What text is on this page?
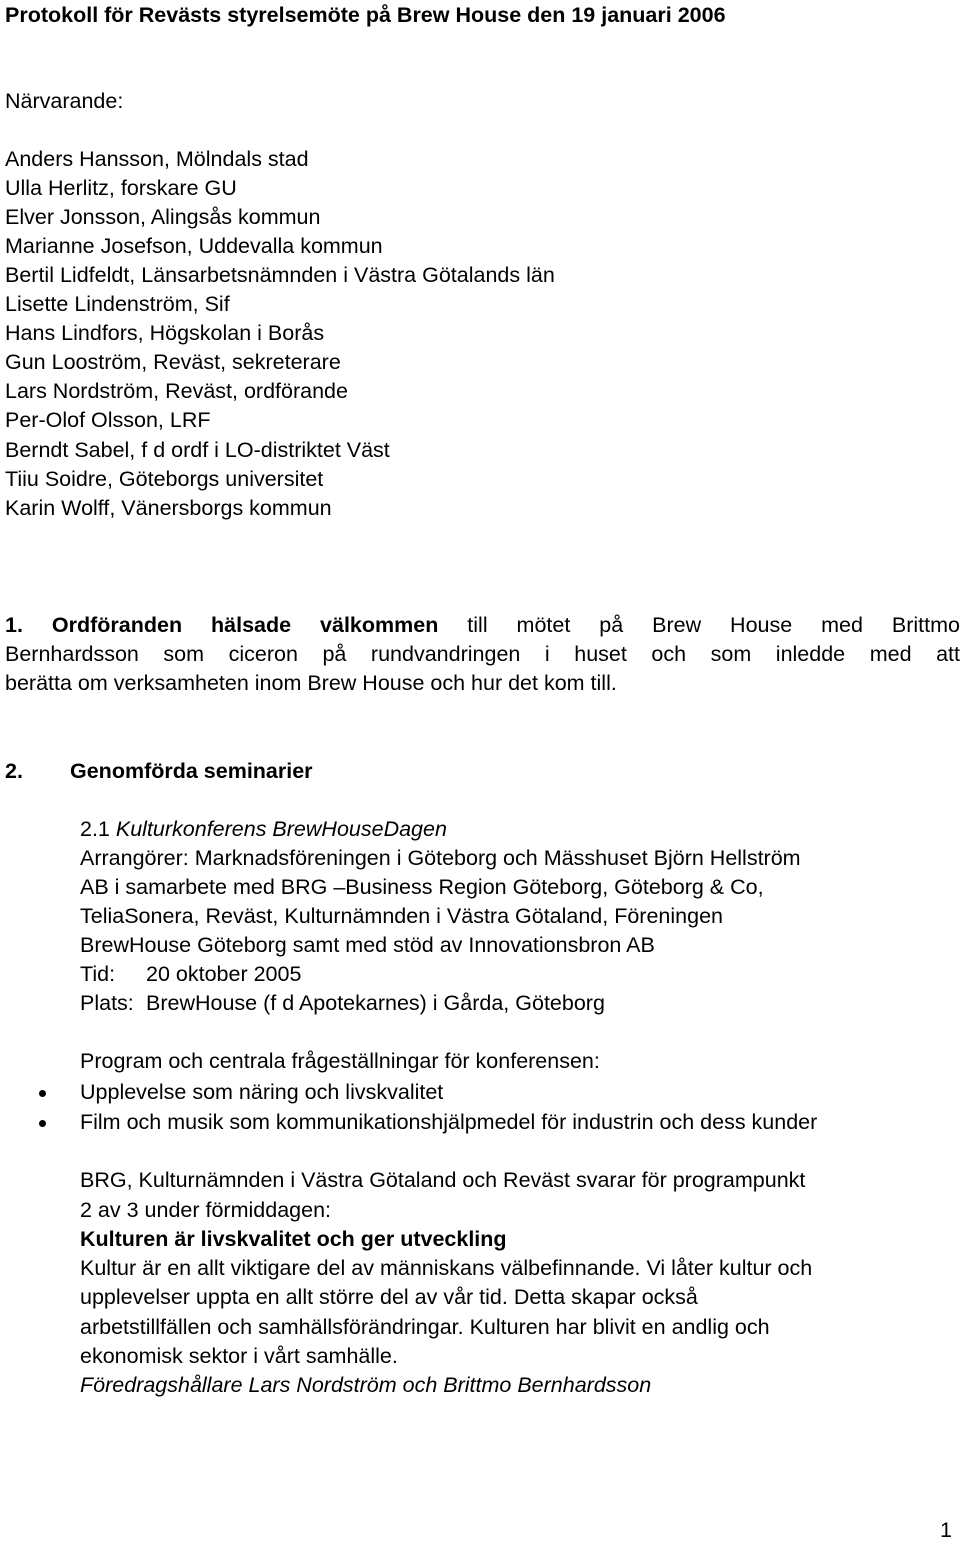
Protokoll för Revästs styrelsemöte på Brew House den 19 januari 2006
Närvarande:
Anders Hansson, Mölndals stad
Ulla Herlitz, forskare GU
Elver Jonsson, Alingsås kommun
Marianne Josefson, Uddevalla kommun
Bertil Lidfeldt, Länsarbetsnämnden i Västra Götalands län
Lisette Lindenström, Sif
Hans Lindfors, Högskolan i Borås
Gun Looström, Reväst, sekreterare
Lars Nordström, Reväst, ordförande
Per-Olof Olsson, LRF
Berndt Sabel, f d ordf i LO-distriktet Väst
Tiiu Soidre, Göteborgs universitet
Karin Wolff, Vänersborgs kommun
1. Ordföranden hälsade välkommen till mötet på Brew House med Brittmo
Bernhardsson som ciceron på rundvandringen i huset och som inledde med att
berätta om verksamheten inom Brew House och hur det kom till.
2. Genomförda seminarier
2.1 Kulturkonferens BrewHouseDagen
Arrangörer: Marknadsföreningen i Göteborg och Mässhuset Björn Hellström
AB i samarbete med BRG –Business Region Göteborg, Göteborg & Co,
TeliaSonera, Reväst, Kulturnämnden i Västra Götaland, Föreningen
BrewHouse Göteborg samt med stöd av Innovationsbron AB
Tid: 20 oktober 2005
Plats: BrewHouse (f d Apotekarnes) i Gårda, Göteborg
Program och centrala frågeställningar för konferensen:
Upplevelse som näring och livskvalitet
Film och musik som kommunikationshjälpmedel för industrin och dess kunder
BRG, Kulturnämnden i Västra Götaland och Reväst svarar för programpunkt
2 av 3 under förmiddagen:
Kulturen är livskvalitet och ger utveckling
Kultur är en allt viktigare del av människans välbefinnande. Vi låter kultur och
upplevelser uppta en allt större del av vår tid. Detta skapar också
arbetstillfällen och samhällsförändringar. Kulturen har blivit en andlig och
ekonomisk sektor i vårt samhälle.
Föredragshållare Lars Nordström och Brittmo Bernhardsson
1
